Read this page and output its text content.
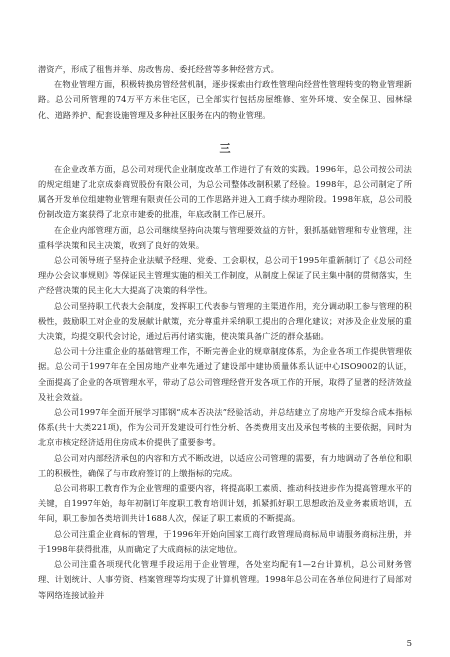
潜资产，形成了租售并举、房改售房、委托经营等多种经营方式。

在物业管理方面，积极转换房管经营机制，逐步探索由行政性管理向经营性管理转变的物业管理新路。总公司所管理的74万平方米住宅区，已全部实行包括房屋维修、室外环境、安全保卫、园林绿化、道路养护、配套设施管理及多种社区服务在内的物业管理。

三

在企业改革方面，总公司对现代企业制度改革工作进行了有效的实践。1996年，总公司按公司法的规定组建了北京成泰商贸股份有限公司，为总公司整体改制积累了经验。1998年，总公司制定了所属各开发单位组建物业管理有限责任公司的工作思路并进入工商手续办理阶段。1998年底，总公司股份制改造方案获得了北京市建委的批准，年底改制工作已展开。

在企业内部管理方面，总公司继续坚持向决策与管理要效益的方针，狠抓基础管理和专业管理，注重科学决策和民主决策，收到了良好的效果。

总公司领导班子坚持企业法赋予经理、党委、工会职权，总公司于1995年重新制订了《总公司经理办公会议事规则》等保证民主管理实施的相关工作制度，从制度上保证了民主集中制的贯彻落实，生产经营决策的民主化大大提高了决策的科学性。

总公司坚持职工代表大会制度，发挥职工代表参与管理的主渠道作用，充分调动职工参与管理的积极性，鼓励职工对企业的发展献计献策，充分尊重并采纳职工提出的合理化建议；对涉及企业发展的重大决策，均提交职代会讨论，通过后再付诸实施，使决策具备广泛的群众基础。

总公司十分注重企业的基础管理工作，不断完善企业的规章制度体系，为企业各项工作提供管理依据。总公司于1997年在全国房地产业率先通过了建设部中建协质量体系认证中心ISO9002的认证，全面提高了企业的各项管理水平，带动了总公司管理经营开发各项工作的开展，取得了显著的经济效益及社会效益。

总公司1997年全面开展学习邯钢“成本否决法”经验活动，并总结建立了房地产开发综合成本指标体系(共十大类221项)，作为公司开发建设可行性分析、各类费用支出及承包考核的主要依据，同时为北京市核定经济适用住房成本价提供了重要参考。

总公司对内部经济承包的内容和方式不断改进，以适应公司管理的需要，有力地调动了各单位和职工的积极性，确保了与市政府签订的上缴指标的完成。

总公司将职工教育作为企业管理的重要内容，将提高职工素质、推动科技进步作为提高管理水平的关键，自1997年始，每年初制订年度职工教育培训计划，抓紧抓好职工思想政治及业务素质培训，五年间，职工参加各类培训共计1688人次，保证了职工素质的不断提高。

总公司注重企业商标的管理，于1996年开始向国家工商行政管理局商标局申请服务商标注册，并于1998年获得批准，从而确定了大成商标的法定地位。

总公司注重各项现代化管理手段运用于企业管理，各处室均配有1—2台计算机，总公司财务管理、计划统计、人事劳资、档案管理等均实现了计算机管理。1998年总公司在各单位间进行了局部对等网络连接试验并

5
